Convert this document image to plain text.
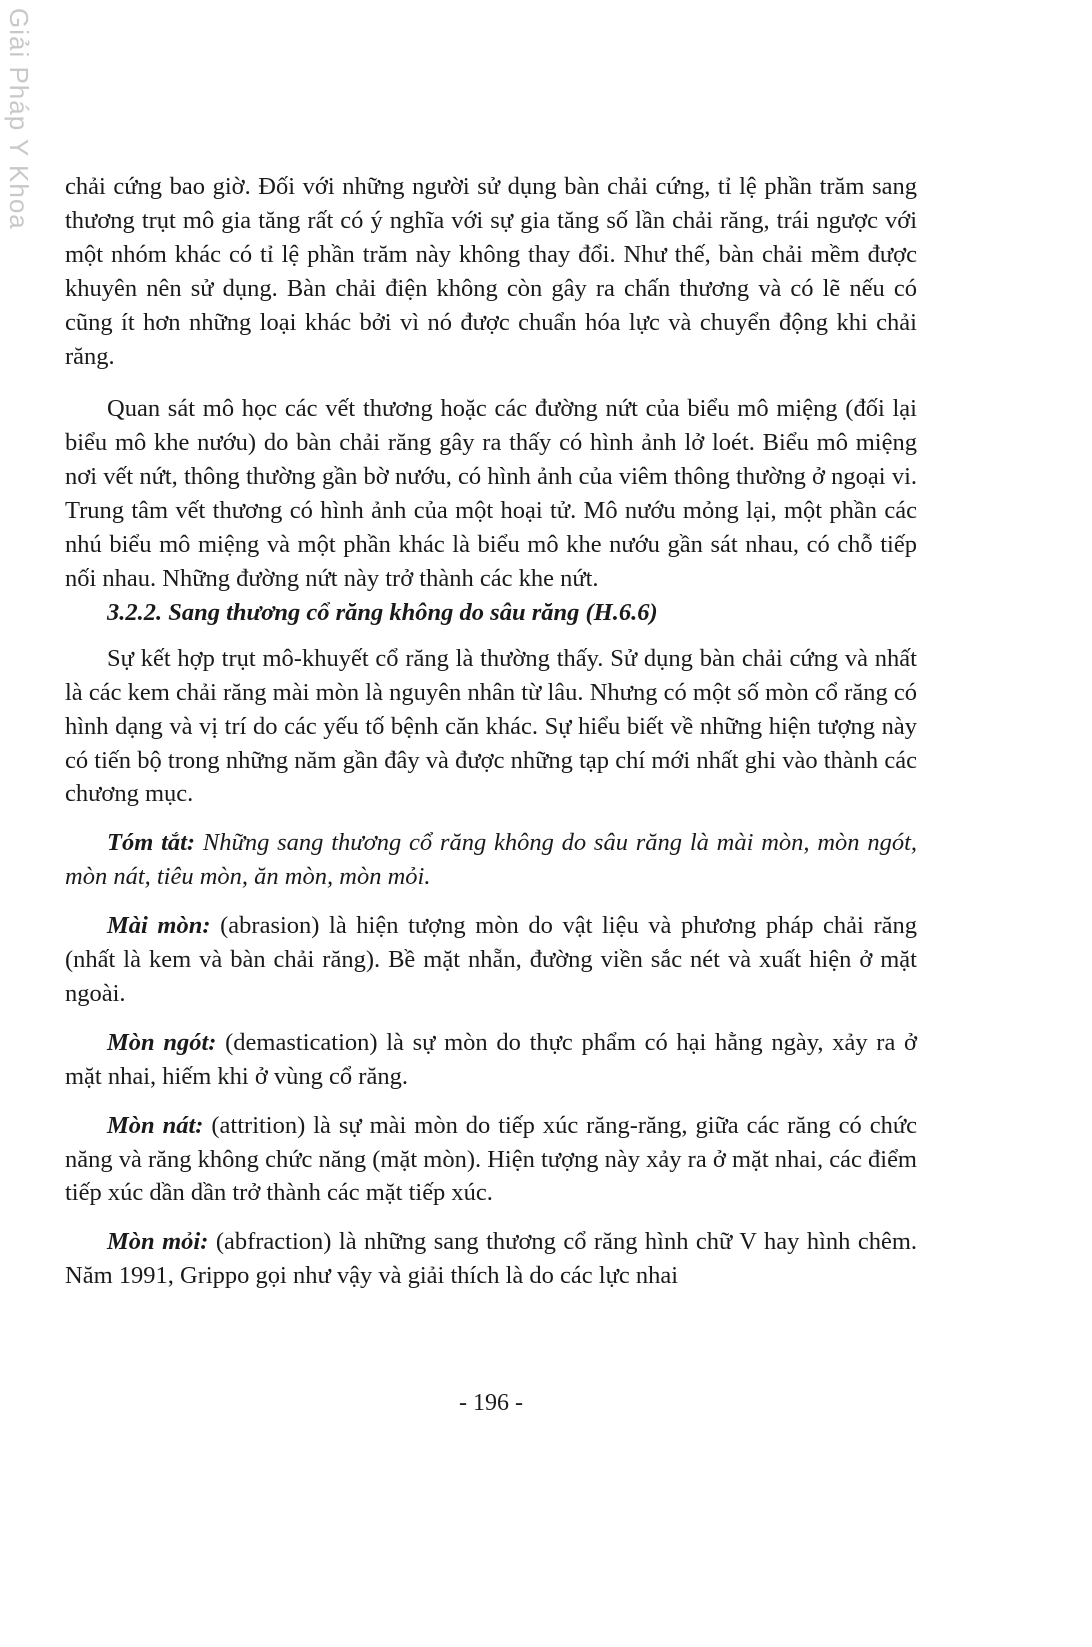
Giải Pháp Y Khoa chải cứng bao giờ. Đối với những người sử dụng bàn chải cứng, tỉ lệ phần trăm sang thương trụt mô gia tăng rất có ý nghĩa với sự gia tăng số lần chải răng, trái ngược với một nhóm khác có tỉ lệ phần trăm này không thay đổi. Như thế, bàn chải mềm được khuyên nên sử dụng. Bàn chải điện không còn gây ra chấn thương và có lẽ nếu có cũng ít hơn những loại khác bởi vì nó được chuẩn hóa lực và chuyển động khi chải răng.

Quan sát mô học các vết thương hoặc các đường nứt của biểu mô miệng (đối lại biểu mô khe nướu) do bàn chải răng gây ra thấy có hình ảnh lở loét. Biểu mô miệng nơi vết nứt, thông thường gần bờ nướu, có hình ảnh của viêm thông thường ở ngoại vi. Trung tâm vết thương có hình ảnh của một hoại tử. Mô nướu mỏng lại, một phần các nhú biểu mô miệng và một phần khác là biểu mô khe nướu gần sát nhau, có chỗ tiếp nối nhau. Những đường nứt này trở thành các khe nứt.

3.2.2. Sang thương cổ răng không do sâu răng (H.6.6)

Sự kết hợp trụt mô-khuyết cổ răng là thường thấy. Sử dụng bàn chải cứng và nhất là các kem chải răng mài mòn là nguyên nhân từ lâu. Nhưng có một số mòn cổ răng có hình dạng và vị trí do các yếu tố bệnh căn khác. Sự hiểu biết về những hiện tượng này có tiến bộ trong những năm gần đây và được những tạp chí mới nhất ghi vào thành các chương mục.

Tóm tắt: Những sang thương cổ răng không do sâu răng là mài mòn, mòn ngót, mòn nát, tiêu mòn, ăn mòn, mòn mỏi.

Mài mòn: (abrasion) là hiện tượng mòn do vật liệu và phương pháp chải răng (nhất là kem và bàn chải răng). Bề mặt nhẵn, đường viền sắc nét và xuất hiện ở mặt ngoài.

Mòn ngót: (demastication) là sự mòn do thực phẩm có hại hằng ngày, xảy ra ở mặt nhai, hiếm khi ở vùng cổ răng.

Mòn nát: (attrition) là sự mài mòn do tiếp xúc răng-răng, giữa các răng có chức năng và răng không chức năng (mặt mòn). Hiện tượng này xảy ra ở mặt nhai, các điểm tiếp xúc dần dần trở thành các mặt tiếp xúc.

Mòn mỏi: (abfraction) là những sang thương cổ răng hình chữ V hay hình chêm. Năm 1991, Grippo gọi như vậy và giải thích là do các lực nhai

- 196 -
